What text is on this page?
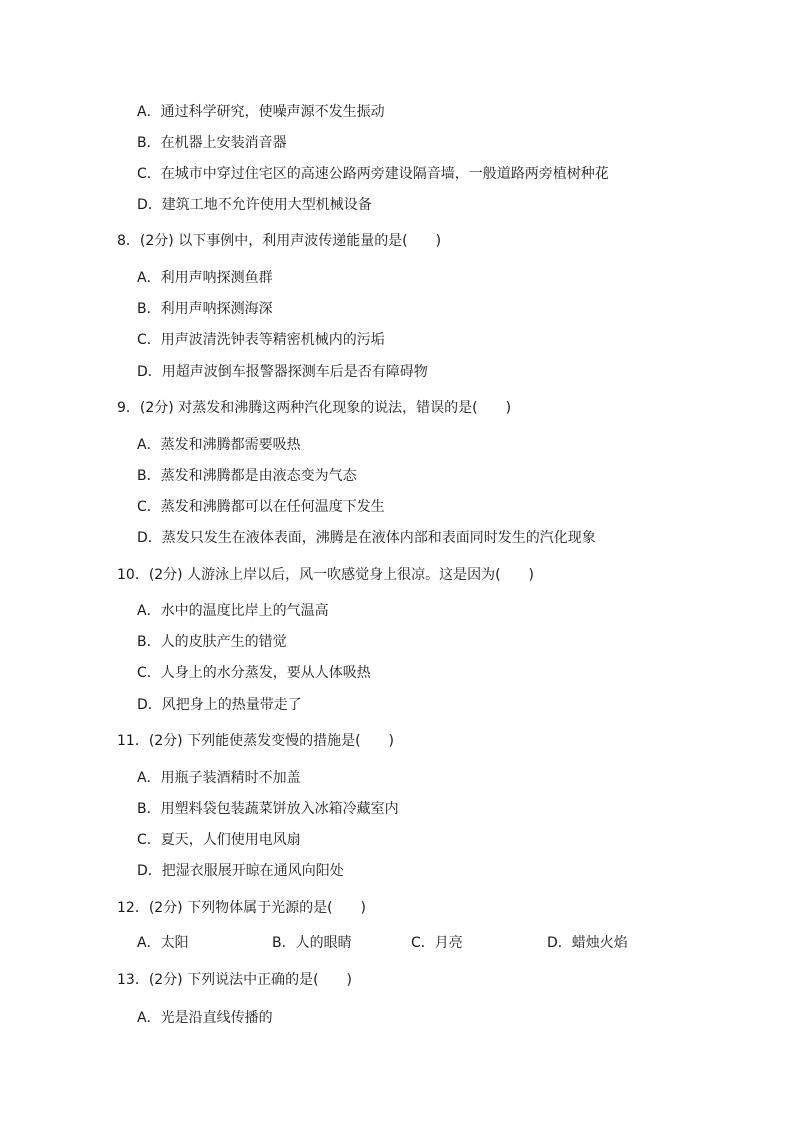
A．通过科学研究，使噪声源不发生振动
B．在机器上安装消音器
C．在城市中穿过住宅区的高速公路两旁建设隔音墙，一般道路两旁植树种花
D．建筑工地不允许使用大型机械设备
8．(2分) 以下事例中，利用声波传递能量的是(　　)
A．利用声呐探测鱼群
B．利用声呐探测海深
C．用声波清洗钟表等精密机械内的污垢
D．用超声波倒车报警器探测车后是否有障碍物
9．(2分) 对蒸发和沸腾这两种汽化现象的说法，错误的是(　　)
A．蒸发和沸腾都需要吸热
B．蒸发和沸腾都是由液态变为气态
C．蒸发和沸腾都可以在任何温度下发生
D．蒸发只发生在液体表面，沸腾是在液体内部和表面同时发生的汽化现象
10．(2分) 人游泳上岸以后，风一吹感觉身上很凉。这是因为(　　)
A．水中的温度比岸上的气温高
B．人的皮肤产生的错觉
C．人身上的水分蒸发，要从人体吸热
D．风把身上的热量带走了
11．(2分) 下列能使蒸发变慢的措施是(　　)
A．用瓶子装酒精时不加盖
B．用塑料袋包装蔬菜饼放入冰箱冷藏室内
C．夏天，人们使用电风扇
D．把湿衣服展开晾在通风向阳处
12．(2分) 下列物体属于光源的是(　　)
A．太阳	B．人的眼睛	C．月亮	D．蜡烛火焰
13．(2分) 下列说法中正确的是(　　)
A．光是沿直线传播的
